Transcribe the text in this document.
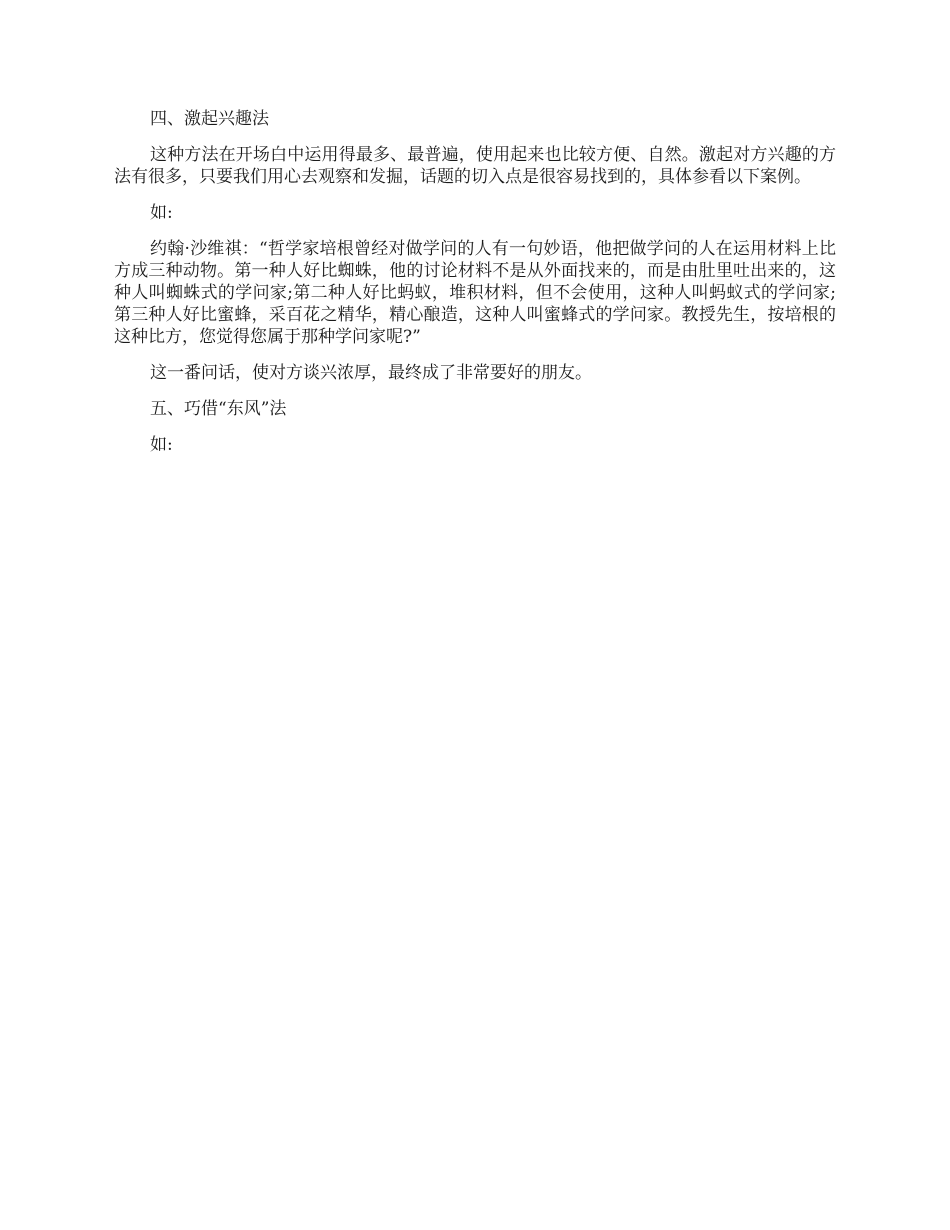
四、激起兴趣法

这种方法在开场白中运用得最多、最普遍，使用起来也比较方便、自然。激起对方兴趣的方法有很多，只要我们用心去观察和发掘，话题的切入点是很容易找到的，具体参看以下案例。

如:

约翰·沙维祺：“哲学家培根曾经对做学问的人有一句妙语，他把做学问的人在运用材料上比方成三种动物。第一种人好比蜘蛛，他的讨论材料不是从外面找来的，而是由肚里吐出来的，这种人叫蜘蛛式的学问家;第二种人好比蚂蚁，堆积材料，但不会使用，这种人叫蚂蚁式的学问家;第三种人好比蜜蜂，采百花之精华，精心酿造，这种人叫蜜蜂式的学问家。教授先生，按培根的这种比方，您觉得您属于那种学问家呢?”

这一番问话，使对方谈兴浓厚，最终成了非常要好的朋友。

五、巧借“东风”法

如:
